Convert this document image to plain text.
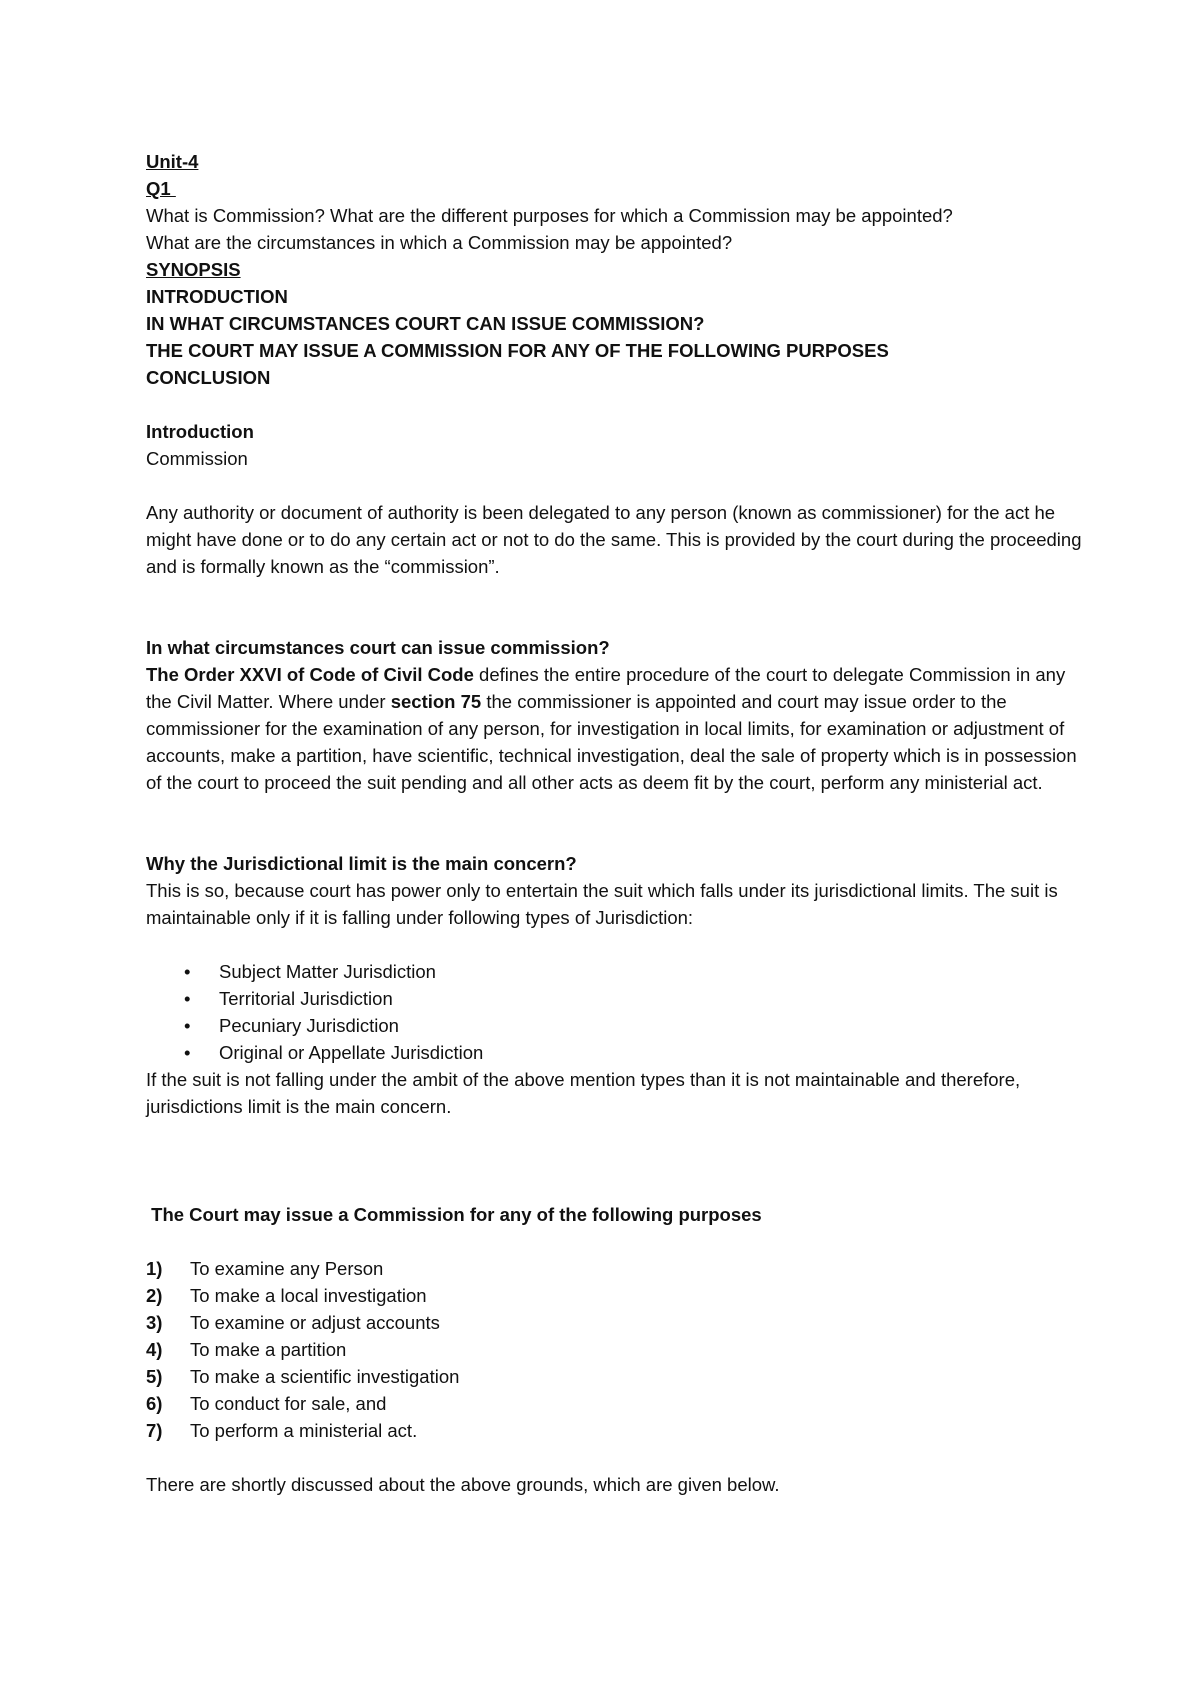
Unit-4
Q1
What is Commission? What are the different purposes for which a Commission may be appointed?
What are the circumstances in which a Commission may be appointed?
SYNOPSIS
INTRODUCTION
IN WHAT CIRCUMSTANCES COURT CAN ISSUE COMMISSION?
THE COURT MAY ISSUE A COMMISSION FOR ANY OF THE FOLLOWING PURPOSES
CONCLUSION
Introduction
Commission

Any authority or document of authority is been delegated to any person (known as commissioner) for the act he might have done or to do any certain act or not to do the same. This is provided by the court during the proceeding and is formally known as the “commission”.

In what circumstances court can issue commission?

The Order XXVI of Code of Civil Code defines the entire procedure of the court to delegate Commission in any the Civil Matter. Where under section 75 the commissioner is appointed and court may issue order to the commissioner for the examination of any person, for investigation in local limits, for examination or adjustment of accounts, make a partition, have scientific, technical investigation, deal the sale of property which is in possession of the court to proceed the suit pending and all other acts as deem fit by the court, perform any ministerial act.

Why the Jurisdictional limit is the main concern?

This is so, because court has power only to entertain the suit which falls under its jurisdictional limits. The suit is maintainable only if it is falling under following types of Jurisdiction:

• Subject Matter Jurisdiction
• Territorial Jurisdiction
• Pecuniary Jurisdiction
• Original or Appellate Jurisdiction

If the suit is not falling under the ambit of the above mention types than it is not maintainable and therefore, jurisdictions limit is the main concern.

The Court may issue a Commission for any of the following purposes
1) To examine any Person
2) To make a local investigation
3) To examine or adjust accounts
4) To make a partition
5) To make a scientific investigation
6) To conduct for sale, and
7) To perform a ministerial act.

There are shortly discussed about the above grounds, which are given below.
